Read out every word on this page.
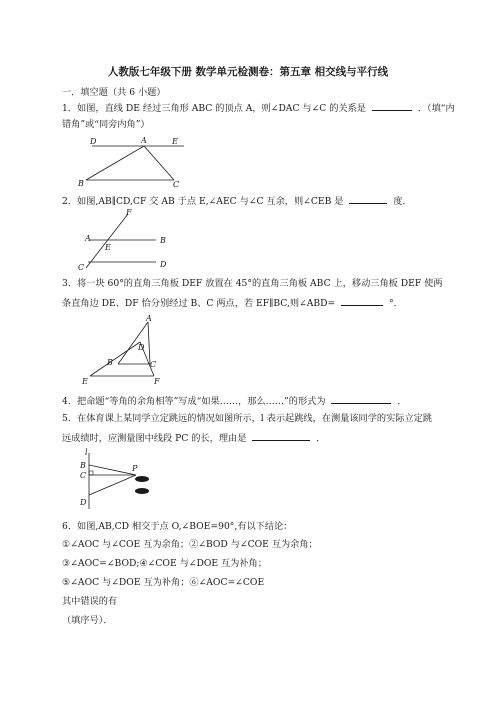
人教版七年级下册 数学单元检测卷：第五章 相交线与平行线
一．填空题（共 6 小题）
1．如图，直线 DE 经过三角形 ABC 的顶点 A，则∠DAC 与∠C 的关系是	．（填“内
错角”或“同旁内角”）
D	A	E
B	C
2．如图,AB∥CD,CF 交 AB 于点 E,∠AEC 与∠C 互余，则∠CEB 是	度．
F
A	B
E
C	D
3．将一块 60°的直角三角板 DEF 放置在 45°的直角三角板 ABC 上，移动三角板 DEF 使两
条直角边 DE、DF 恰分别经过 B、C 两点，若 EF∥BC,则∠ABD=	°．
A
D
B	C
E	F
4．把命题“等角的余角相等”写成“如果……，那么……”的形式为	．
5．在体育课上某同学立定跳远的情况如图所示，l 表示起跳线，在测量该同学的实际立定跳
远成绩时，应测量图中线段 PC 的长，理由是	．
l
B
C
P
D
6．如图,AB,CD 相交于点 O,∠BOE=90°,有以下结论：
①∠AOC 与∠COE 互为余角；②∠BOD 与∠COE 互为余角；
③∠AOC=∠BOD;④∠COE 与∠DOE 互为补角；
⑤∠AOC 与∠DOE 互为补角；⑥∠AOC=∠COE
其中错误的有
（填序号）．
